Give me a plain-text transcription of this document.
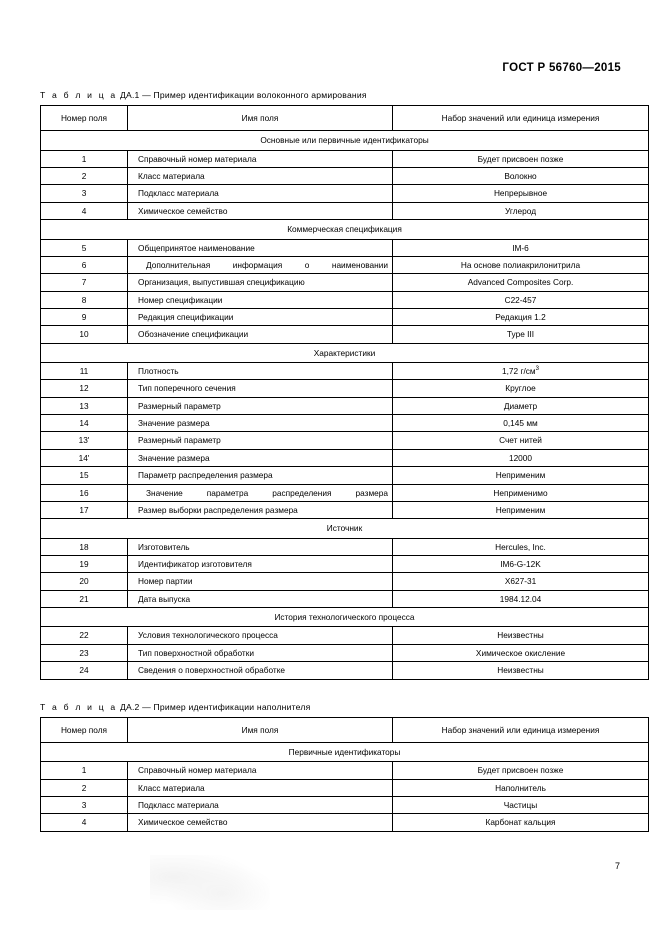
ГОСТ Р 56760—2015

Т а б л и ц а ДА.1 — Пример идентификации волоконного армирования

Номер поля	Имя поля	Набор значений или единица измерения
Основные или первичные идентификаторы		
1	Справочный номер материала	Будет присвоен позже
2	Класс материала	Волокно
3	Подкласс материала	Непрерывное
4	Химическое семейство	Углерод
Коммерческая спецификация		
5	Общепринятое наименование	IM-6
6	Дополнительная информация о наименовании	На основе полиакрилонитрила
7	Организация, выпустившая спецификацию	Advanced Composites Corp.
8	Номер спецификации	C22-457
9	Редакция спецификации	Редакция 1.2
10	Обозначение спецификации	Type III
Характеристики		
11	Плотность	1,72 $г/см^3$
12	Тип поперечного сечения	Круглое
13	Размерный параметр	Диаметр
14	Значение размера	0,145 мм
13'	Размерный параметр	Счет нитей
14'	Значение размера	12000
15	Параметр распределения размера	Неприменим
16	Значение параметра распределения размера	Неприменимо
17	Размер выборки распределения размера	Неприменим
Источник		
18	Изготовитель	Hercules, Inc.
19	Идентификатор изготовителя	IM6-G-12K
20	Номер партии	X627-31
21	Дата выпуска	1984.12.04
История технологического процесса		
22	Условия технологического процесса	Неизвестны
23	Тип поверхностной обработки	Химическое окисление
24	Сведения о поверхностной обработке	Неизвестны

Т а б л и ц а ДА.2 — Пример идентификации наполнителя

Номер поля	Имя поля	Набор значений или единица измерения
Первичные идентификаторы		
1	Справочный номер материала	Будет присвоен позже
2	Класс материала	Наполнитель
3	Подкласс материала	Частицы
4	Химическое семейство	Карбонат кальция
7
